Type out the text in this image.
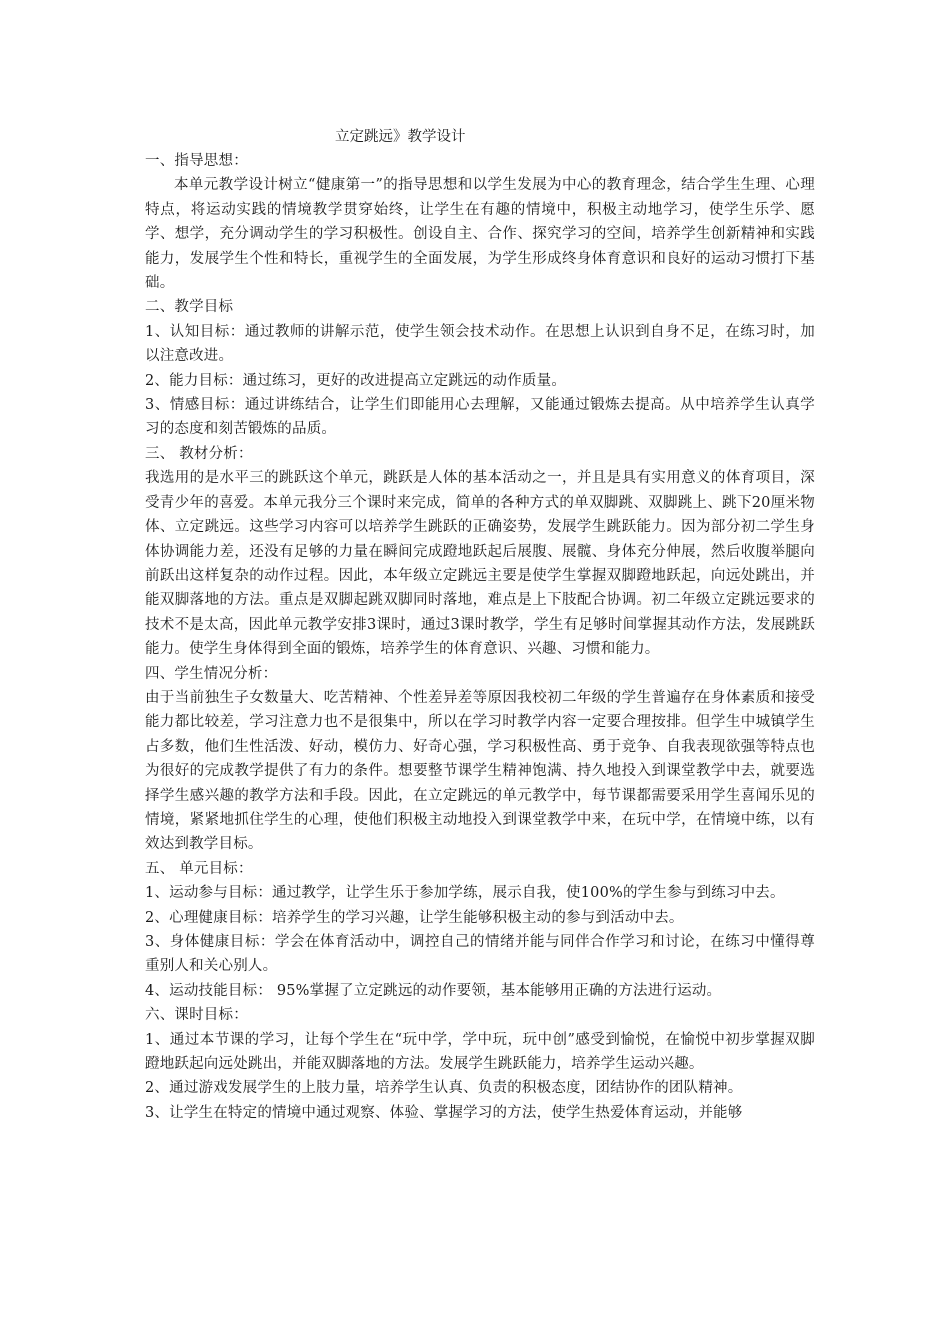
立定跳远》教学设计

一、指导思想：

本单元教学设计树立“健康第一”的指导思想和以学生发展为中心的教育理念，结合学生生理、心理特点，将运动实践的情境教学贯穿始终，让学生在有趣的情境中，积极主动地学习，使学生乐学、愿学、想学，充分调动学生的学习积极性。创设自主、合作、探究学习的空间，培养学生创新精神和实践能力，发展学生个性和特长，重视学生的全面发展，为学生形成终身体育意识和良好的运动习惯打下基础。

二、教学目标

1、认知目标：通过教师的讲解示范，使学生领会技术动作。在思想上认识到自身不足，在练习时，加以注意改进。

2、能力目标：通过练习，更好的改进提高立定跳远的动作质量。

3、情感目标：通过讲练结合，让学生们即能用心去理解，又能通过锻炼去提高。从中培养学生认真学习的态度和刻苦锻炼的品质。

三、 教材分析：

我选用的是水平三的跳跃这个单元，跳跃是人体的基本活动之一，并且是具有实用意义的体育项目，深受青少年的喜爱。本单元我分三个课时来完成，简单的各种方式的单双脚跳、双脚跳上、跳下20厘米物体、立定跳远。这些学习内容可以培养学生跳跃的正确姿势，发展学生跳跃能力。因为部分初二学生身体协调能力差，还没有足够的力量在瞬间完成蹬地跃起后展腹、展髋、身体充分伸展，然后收腹举腿向前跃出这样复杂的动作过程。因此，本年级立定跳远主要是使学生掌握双脚蹬地跃起，向远处跳出，并能双脚落地的方法。重点是双脚起跳双脚同时落地，难点是上下肢配合协调。初二年级立定跳远要求的技术不是太高，因此单元教学安排3课时，通过3课时教学，学生有足够时间掌握其动作方法，发展跳跃能力。使学生身体得到全面的锻炼，培养学生的体育意识、兴趣、习惯和能力。

四、学生情况分析：

由于当前独生子女数量大、吃苦精神、个性差异差等原因我校初二年级的学生普遍存在身体素质和接受能力都比较差，学习注意力也不是很集中，所以在学习时教学内容一定要合理按排。但学生中城镇学生占多数，他们生性活泼、好动，模仿力、好奇心强，学习积极性高、勇于竞争、自我表现欲强等特点也为很好的完成教学提供了有力的条件。想要整节课学生精神饱满、持久地投入到课堂教学中去，就要选择学生感兴趣的教学方法和手段。因此，在立定跳远的单元教学中，每节课都需要采用学生喜闻乐见的情境，紧紧地抓住学生的心理，使他们积极主动地投入到课堂教学中来，在玩中学，在情境中练，以有效达到教学目标。

五、 单元目标：

1、运动参与目标：通过教学，让学生乐于参加学练，展示自我，使100%的学生参与到练习中去。

2、心理健康目标：培养学生的学习兴趣，让学生能够积极主动的参与到活动中去。

3、身体健康目标：学会在体育活动中，调控自己的情绪并能与同伴合作学习和讨论，在练习中懂得尊重别人和关心别人。

4、运动技能目标： 95%掌握了立定跳远的动作要领，基本能够用正确的方法进行运动。

六、课时目标：

1、通过本节课的学习，让每个学生在“玩中学，学中玩，玩中创”感受到愉悦，在愉悦中初步掌握双脚蹬地跃起向远处跳出，并能双脚落地的方法。发展学生跳跃能力，培养学生运动兴趣。

2、通过游戏发展学生的上肢力量，培养学生认真、负责的积极态度，团结协作的团队精神。

3、让学生在特定的情境中通过观察、体验、掌握学习的方法，使学生热爱体育运动，并能够
